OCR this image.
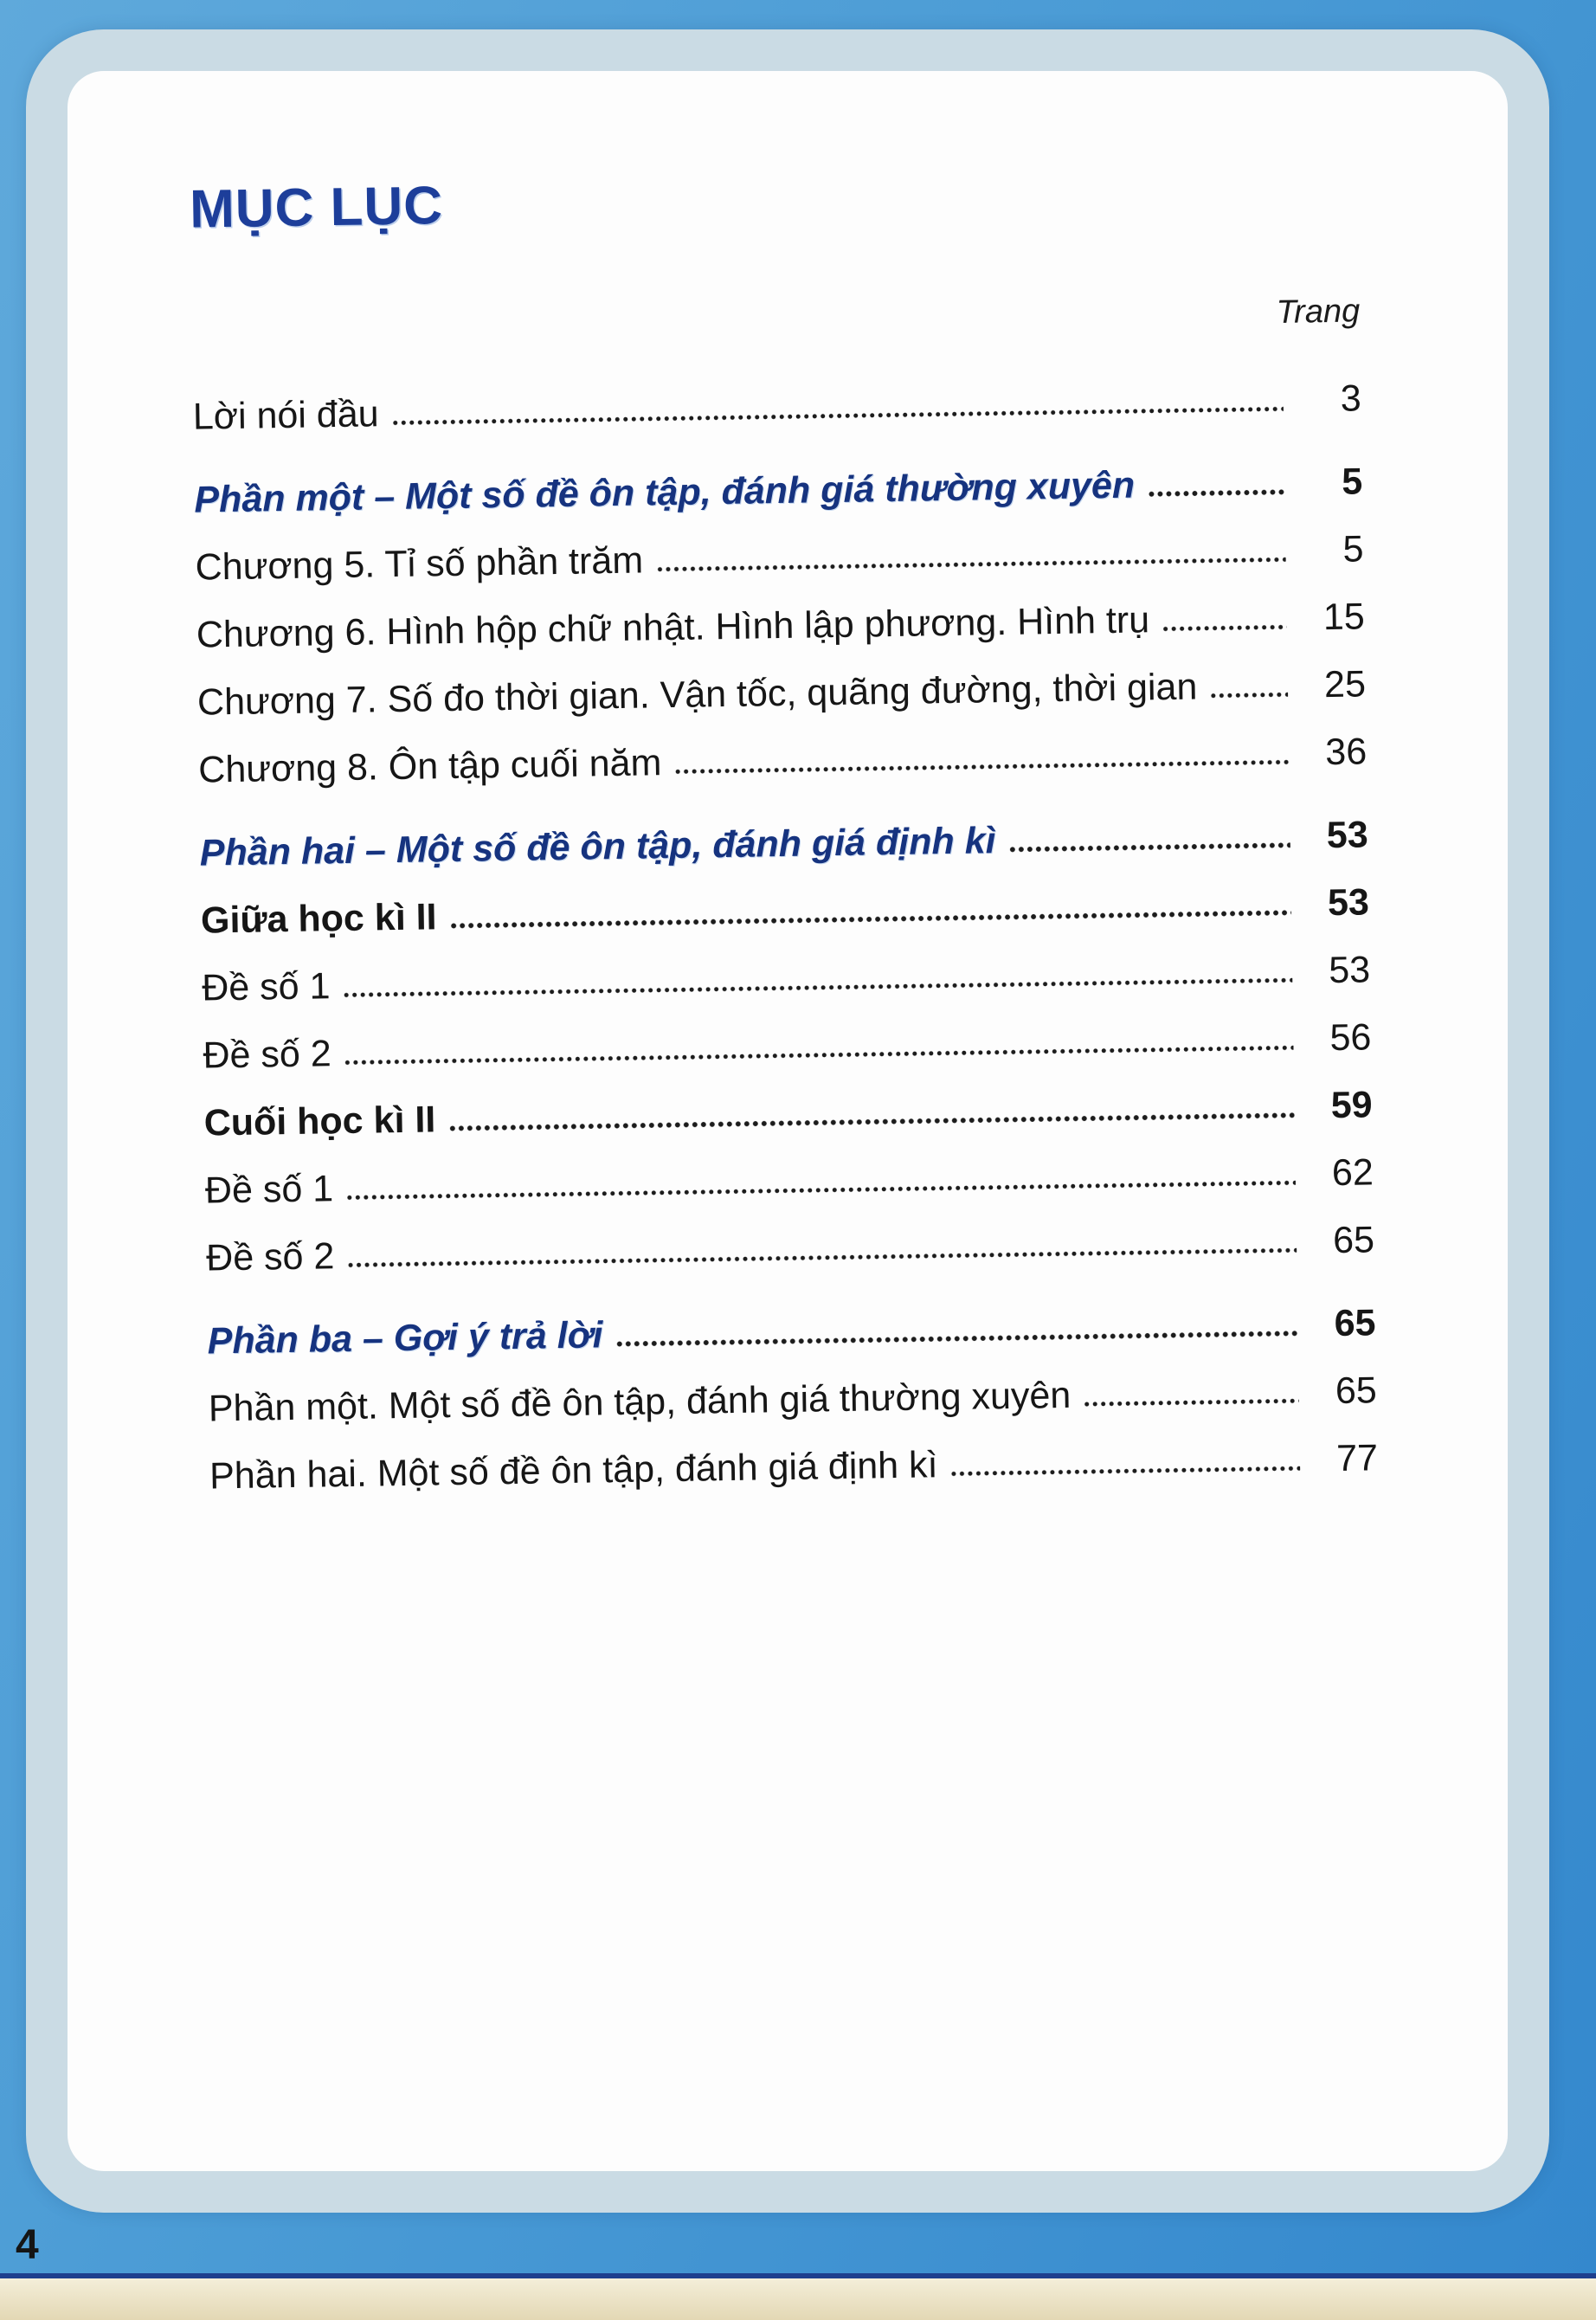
MỤC LỤC
Trang
Lời nói đầu	3
Phần một – Một số đề ôn tập, đánh giá thường xuyên	5
Chương 5. Tỉ số phần trăm	5
Chương 6. Hình hộp chữ nhật. Hình lập phương. Hình trụ	15
Chương 7. Số đo thời gian. Vận tốc, quãng đường, thời gian	25
Chương 8. Ôn tập cuối năm	36
Phần hai – Một số đề ôn tập, đánh giá định kì	53
Giữa học kì II	53
Đề số 1	53
Đề số 2	56
Cuối học kì II	59
Đề số 1	62
Đề số 2	65
Phần ba – Gợi ý trả lời	65
Phần một. Một số đề ôn tập, đánh giá thường xuyên	65
Phần hai. Một số đề ôn tập, đánh giá định kì	77
4
